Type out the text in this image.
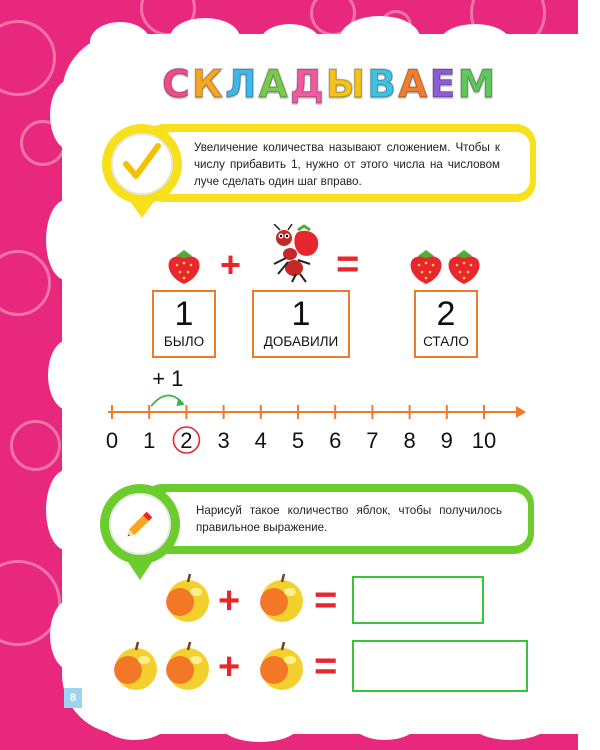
С К Л А Д Ы В А Е М
Увеличение количества называют сложением. Чтобы к числу прибавить 1, нужно от этого числа на числовом луче сделать один шаг вправо.
+ =
1
БЫЛО
1
ДОБАВИЛИ
2
СТАЛО
0 1 2 3 4 5 6 7 8 9 10
+ 1
Нарисуй такое количество яблок, чтобы получилось правильное выражение.
+ =
+ =
8
